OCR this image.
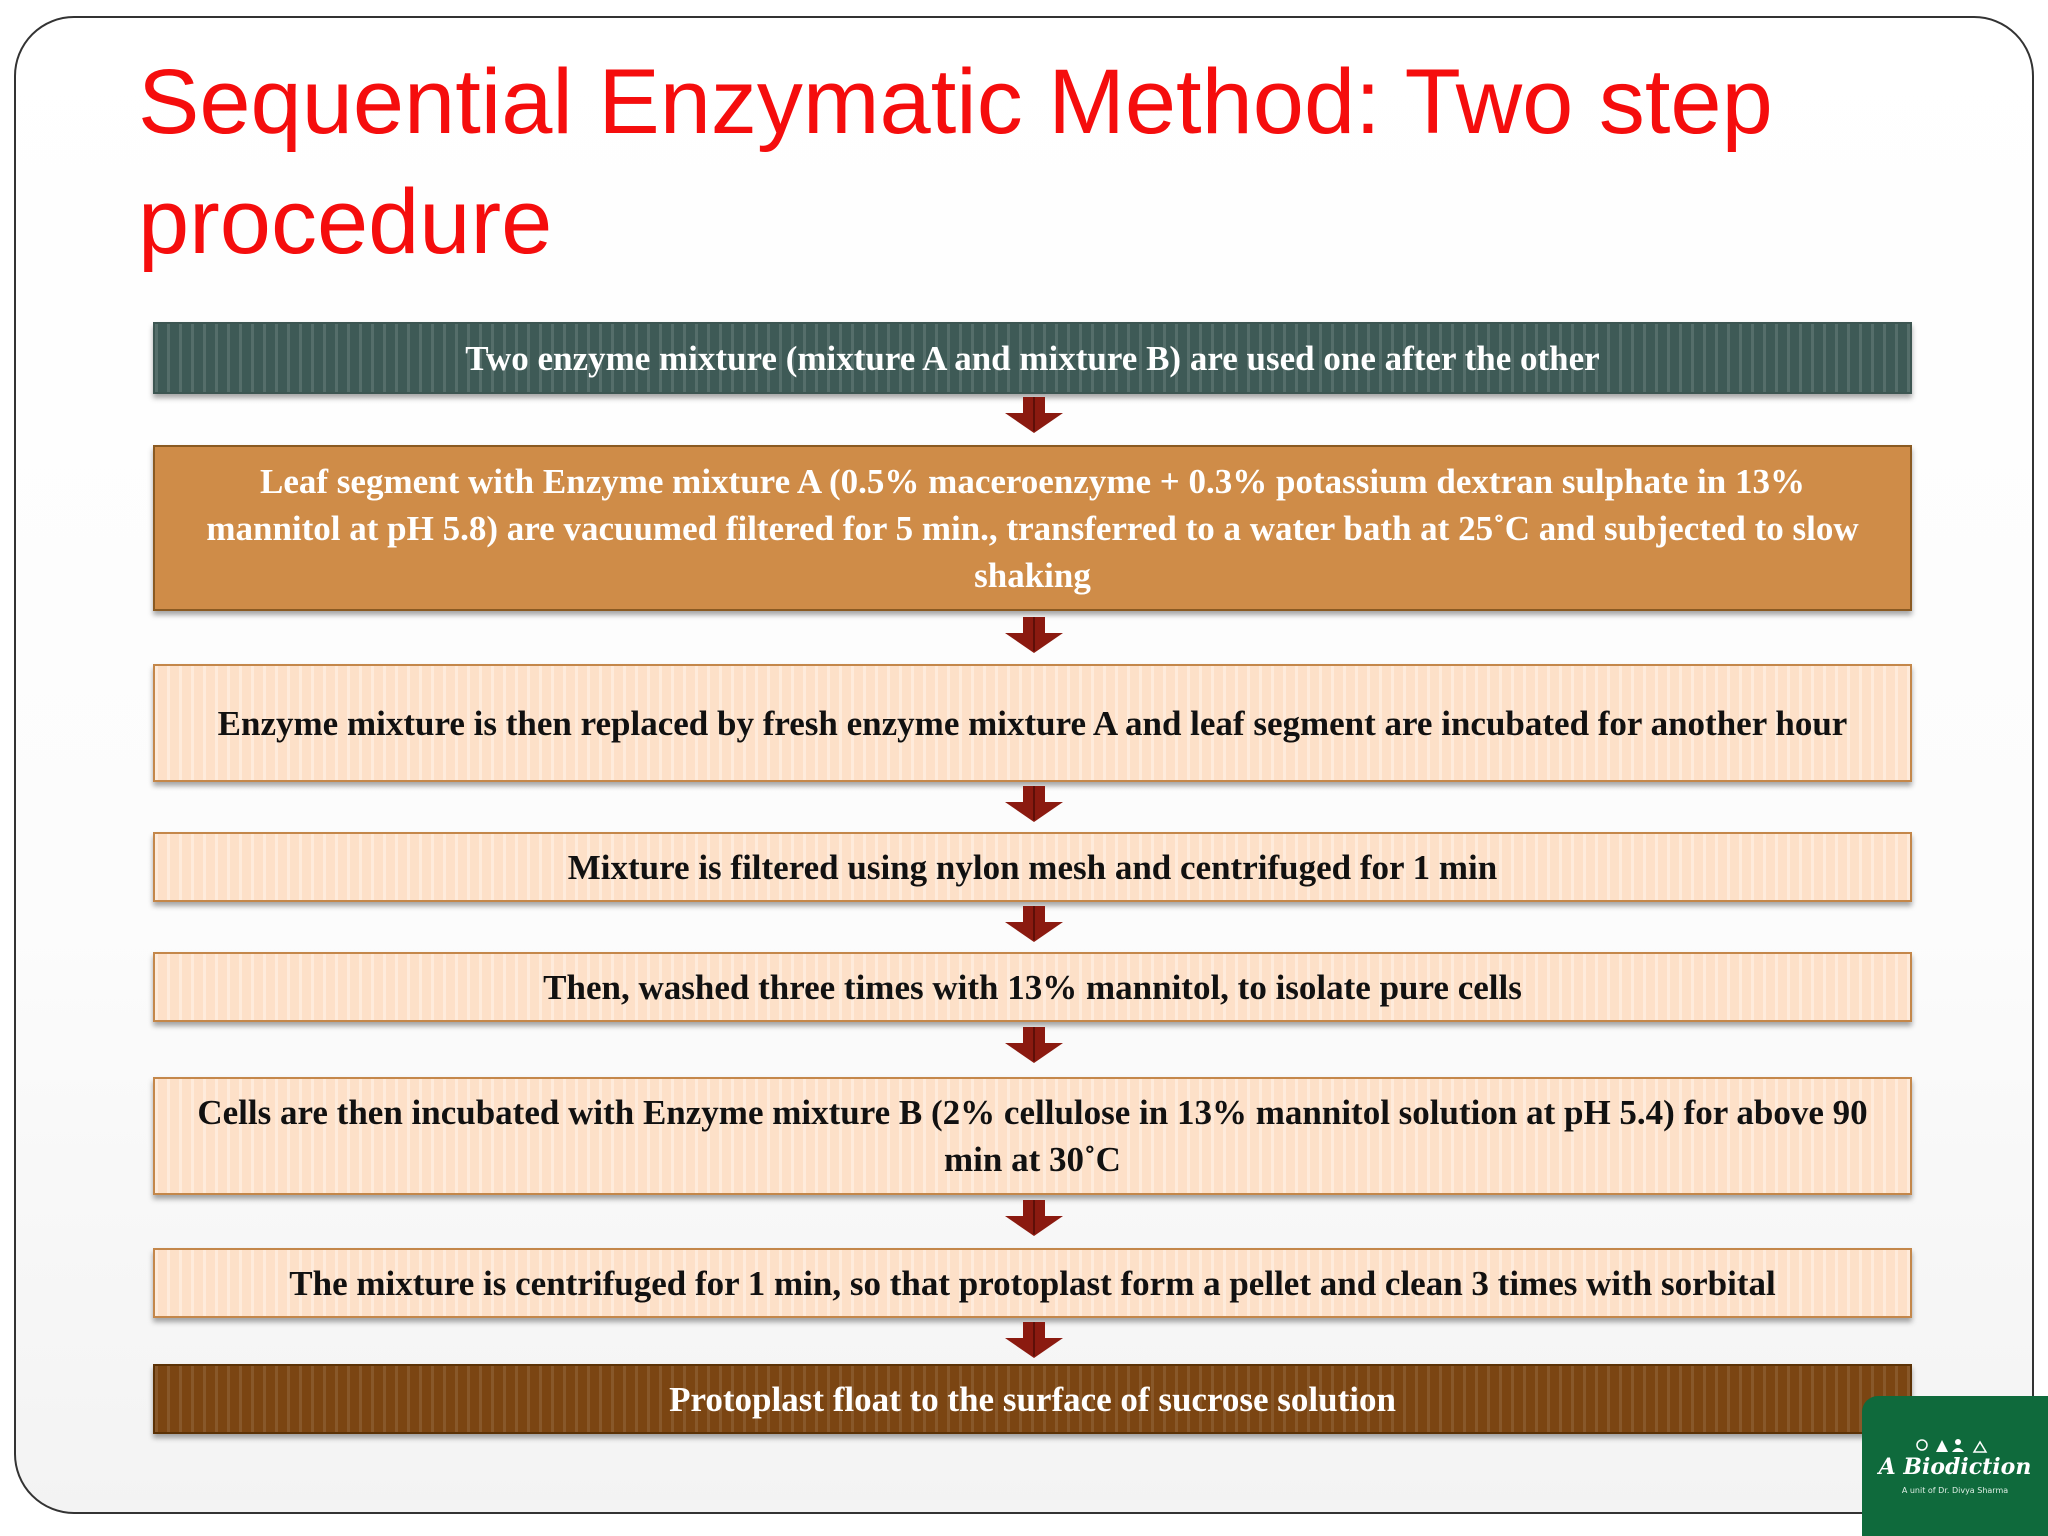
Sequential Enzymatic Method: Two step procedure
Two enzyme mixture (mixture A and mixture B) are used one after the other
Leaf segment with Enzyme mixture A (0.5% maceroenzyme + 0.3% potassium dextran sulphate in 13% mannitol at pH 5.8) are vacuumed filtered for 5 min., transferred to a water bath at 25˚C and subjected to slow shaking
Enzyme mixture is then replaced by fresh enzyme mixture A and leaf segment are incubated for another hour
Mixture is filtered using nylon mesh and centrifuged for 1 min
Then, washed three times with 13% mannitol, to isolate pure cells
Cells are then incubated with Enzyme mixture B (2% cellulose in 13% mannitol solution at pH 5.4) for above 90 min at 30˚C
The mixture is centrifuged for 1 min, so that protoplast form a pellet and clean 3 times with sorbital
Protoplast float to the surface of sucrose solution
A Biodiction
A unit of Dr. Divya Sharma
